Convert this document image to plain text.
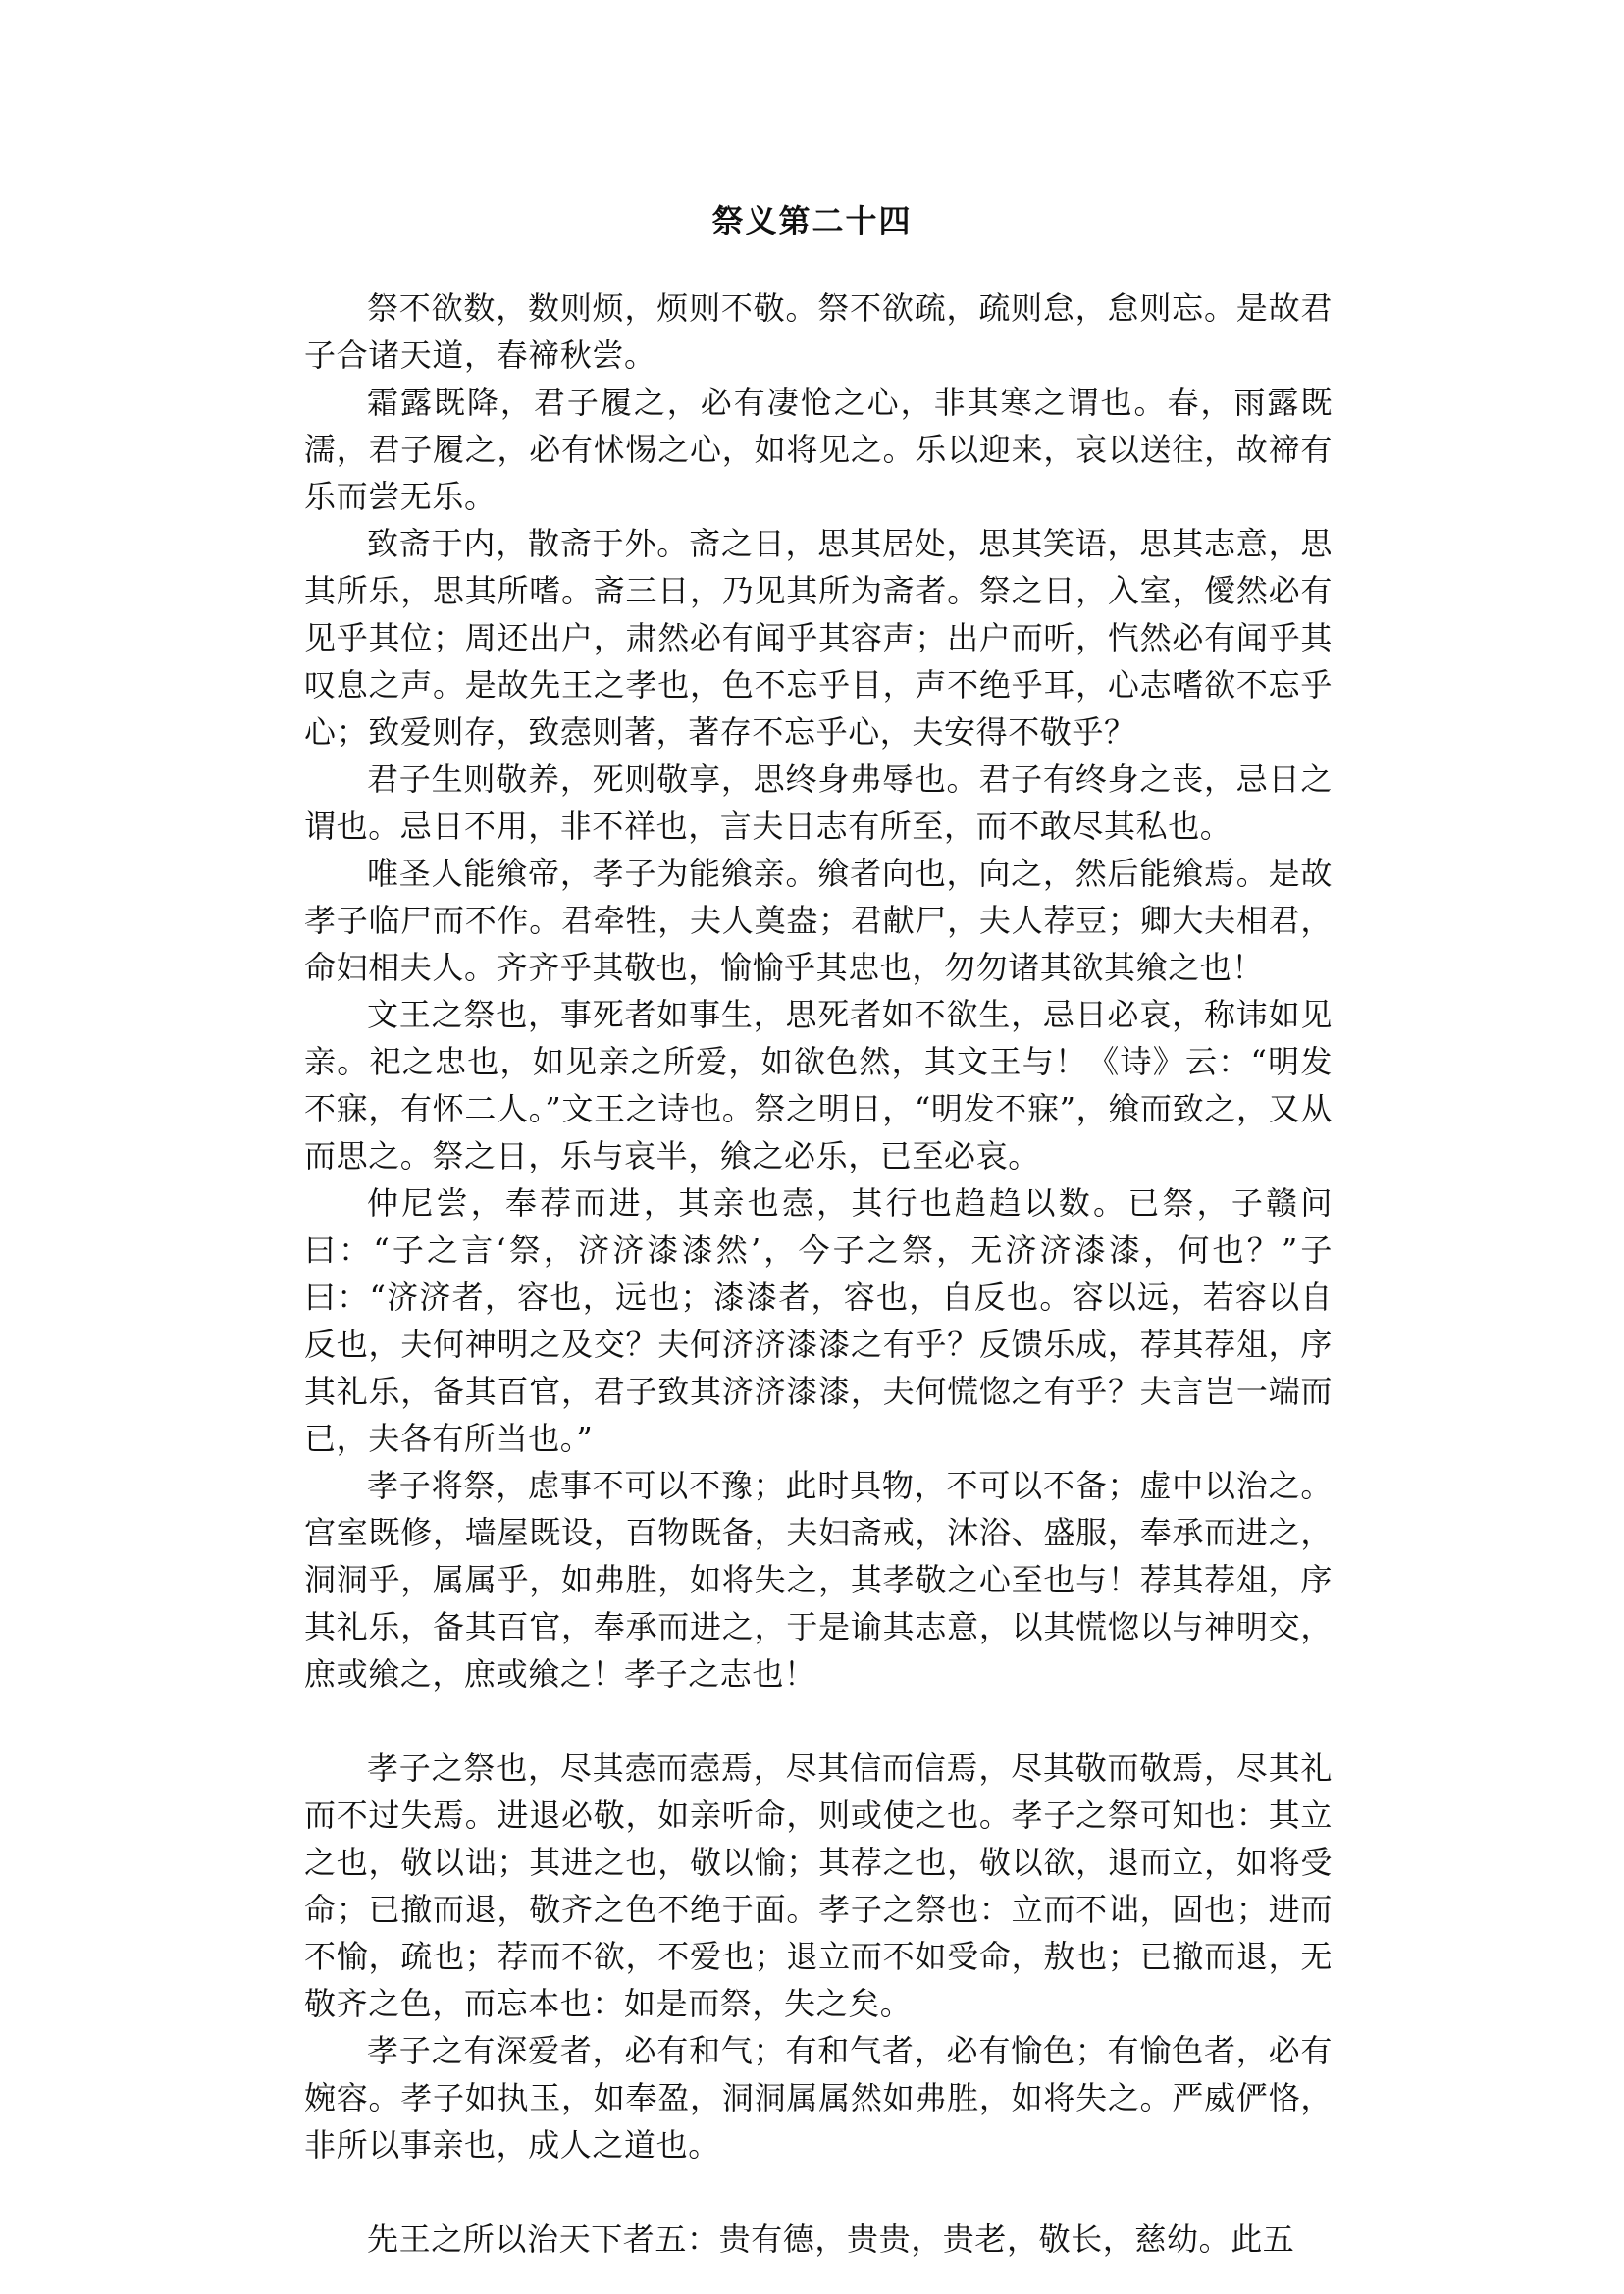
祭义第二十四

祭不欲数，数则烦，烦则不敬。祭不欲疏，疏则怠，怠则忘。是故君子合诸天道，春禘秋尝。

霜露既降，君子履之，必有凄怆之心，非其寒之谓也。春，雨露既濡，君子履之，必有怵惕之心，如将见之。乐以迎来，哀以送往，故禘有乐而尝无乐。

致斋于内，散斋于外。斋之日，思其居处，思其笑语，思其志意，思其所乐，思其所嗜。斋三日，乃见其所为斋者。祭之日，入室，僾然必有见乎其位；周还出户，肃然必有闻乎其容声；出户而听，忾然必有闻乎其叹息之声。是故先王之孝也，色不忘乎目，声不绝乎耳，心志嗜欲不忘乎心；致爱则存，致悫则著，著存不忘乎心，夫安得不敬乎？

君子生则敬养，死则敬享，思终身弗辱也。君子有终身之丧，忌日之谓也。忌日不用，非不祥也，言夫日志有所至，而不敢尽其私也。

唯圣人能飨帝，孝子为能飨亲。飨者向也，向之，然后能飨焉。是故孝子临尸而不作。君牵牲，夫人奠盎；君献尸，夫人荐豆；卿大夫相君，命妇相夫人。齐齐乎其敬也，愉愉乎其忠也，勿勿诸其欲其飨之也！

文王之祭也，事死者如事生，思死者如不欲生，忌日必哀，称讳如见亲。祀之忠也，如见亲之所爱，如欲色然，其文王与！《诗》云：“明发不寐，有怀二人。”文王之诗也。祭之明日，“明发不寐”，飨而致之，又从而思之。祭之日，乐与哀半，飨之必乐，已至必哀。

仲尼尝，奉荐而进，其亲也悫，其行也趋趋以数。已祭，子赣问曰：“子之言‘祭，济济漆漆然’，今子之祭，无济济漆漆，何也？”子曰：“济济者，容也，远也；漆漆者，容也，自反也。容以远，若容以自反也，夫何神明之及交？夫何济济漆漆之有乎？反馈乐成，荐其荐俎，序其礼乐，备其百官，君子致其济济漆漆，夫何慌惚之有乎？夫言岂一端而已，夫各有所当也。”

孝子将祭，虑事不可以不豫；此时具物，不可以不备；虚中以治之。宫室既修，墙屋既设，百物既备，夫妇斋戒，沐浴、盛服，奉承而进之，洞洞乎，属属乎，如弗胜，如将失之，其孝敬之心至也与！荐其荐俎，序其礼乐，备其百官，奉承而进之，于是谕其志意，以其慌惚以与神明交，庶或飨之，庶或飨之！孝子之志也！

孝子之祭也，尽其悫而悫焉，尽其信而信焉，尽其敬而敬焉，尽其礼而不过失焉。进退必敬，如亲听命，则或使之也。孝子之祭可知也：其立之也，敬以诎；其进之也，敬以愉；其荐之也，敬以欲，退而立，如将受命；已撤而退，敬齐之色不绝于面。孝子之祭也：立而不诎，固也；进而不愉，疏也；荐而不欲，不爱也；退立而不如受命，敖也；已撤而退，无敬齐之色，而忘本也：如是而祭，失之矣。

孝子之有深爱者，必有和气；有和气者，必有愉色；有愉色者，必有婉容。孝子如执玉，如奉盈，洞洞属属然如弗胜，如将失之。严威俨恪，非所以事亲也，成人之道也。

先王之所以治天下者五：贵有德，贵贵，贵老，敬长，慈幼。此五
